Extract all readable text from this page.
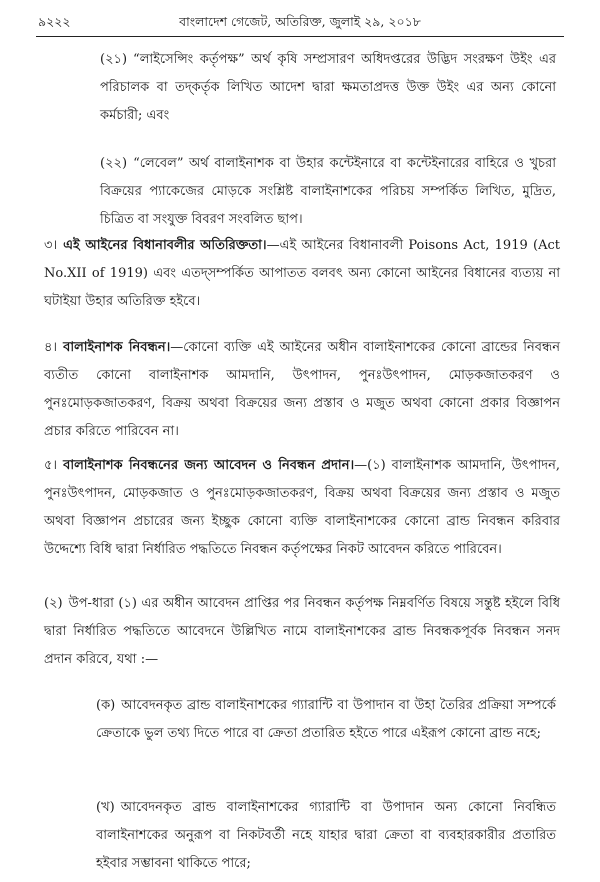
৯২২২	বাংলাদেশ গেজেট, অতিরিক্ত, জুলাই ২৯, ২০১৮
(২১) “লাইসেন্সিং কর্তৃপক্ষ” অর্থ কৃষি সম্প্রসারণ অধিদপ্তরের উদ্ভিদ সংরক্ষণ উইং এর পরিচালক বা তদ্‌কর্তৃক লিখিত আদেশ দ্বারা ক্ষমতাপ্রদত্ত উক্ত উইং এর অন্য কোনো কর্মচারী; এবং
(২২) “লেবেল” অর্থ বালাইনাশক বা উহার কন্টেইনারে বা কন্টেইনারের বাহিরে ও খুচরা বিক্রয়ের প্যাকেজের মোড়কে সংশ্লিষ্ট বালাইনাশকের পরিচয় সম্পর্কিত লিখিত, মুদ্রিত, চিত্রিত বা সংযুক্ত বিবরণ সংবলিত ছাপ।
৩। এই আইনের বিধানাবলীর অতিরিক্ততা।—এই আইনের বিধানাবলী Poisons Act, 1919 (Act No.XII of 1919) এবং এতদ্‌সম্পর্কিত আপাতত বলবৎ অন্য কোনো আইনের বিধানের ব্যত্যয় না ঘটাইয়া উহার অতিরিক্ত হইবে।
৪। বালাইনাশক নিবন্ধন।—কোনো ব্যক্তি এই আইনের অধীন বালাইনাশকের কোনো ব্রান্ডের নিবন্ধন ব্যতীত কোনো বালাইনাশক আমদানি, উৎপাদন, পুনঃউৎপাদন, মোড়কজাতকরণ ও পুনঃমোড়কজাতকরণ, বিক্রয় অথবা বিক্রয়ের জন্য প্রস্তাব ও মজুত অথবা কোনো প্রকার বিজ্ঞাপন প্রচার করিতে পারিবেন না।
৫। বালাইনাশক নিবন্ধনের জন্য আবেদন ও নিবন্ধন প্রদান।—(১) বালাইনাশক আমদানি, উৎপাদন, পুনঃউৎপাদন, মোড়কজাত ও পুনঃমোড়কজাতকরণ, বিক্রয় অথবা বিক্রয়ের জন্য প্রস্তাব ও মজুত অথবা বিজ্ঞাপন প্রচারের জন্য ইচ্ছুক কোনো ব্যক্তি বালাইনাশকের কোনো ব্রান্ড নিবন্ধন করিবার উদ্দেশ্যে বিধি দ্বারা নির্ধারিত পদ্ধতিতে নিবন্ধন কর্তৃপক্ষের নিকট আবেদন করিতে পারিবেন।
(২) উপ-ধারা (১) এর অধীন আবেদন প্রাপ্তির পর নিবন্ধন কর্তৃপক্ষ নিম্নবর্ণিত বিষয়ে সন্তুষ্ট হইলে বিধি দ্বারা নির্ধারিত পদ্ধতিতে আবেদনে উল্লিখিত নামে বালাইনাশকের ব্রান্ড নিবন্ধকপূর্বক নিবন্ধন সনদ প্রদান করিবে, যথা :—
(ক) আবেদনকৃত ব্রান্ড বালাইনাশকের গ্যারান্টি বা উপাদান বা উহা তৈরির প্রক্রিয়া সম্পর্কে ক্রেতাকে ভুল তথ্য দিতে পারে বা ক্রেতা প্রতারিত হইতে পারে এইরূপ কোনো ব্রান্ড নহে;
(খ) আবেদনকৃত ব্রান্ড বালাইনাশকের গ্যারান্টি বা উপাদান অন্য কোনো নিবন্ধিত বালাইনাশকের অনুরূপ বা নিকটবর্তী নহে যাহার দ্বারা ক্রেতা বা ব্যবহারকারীর প্রতারিত হইবার সম্ভাবনা থাকিতে পারে;
